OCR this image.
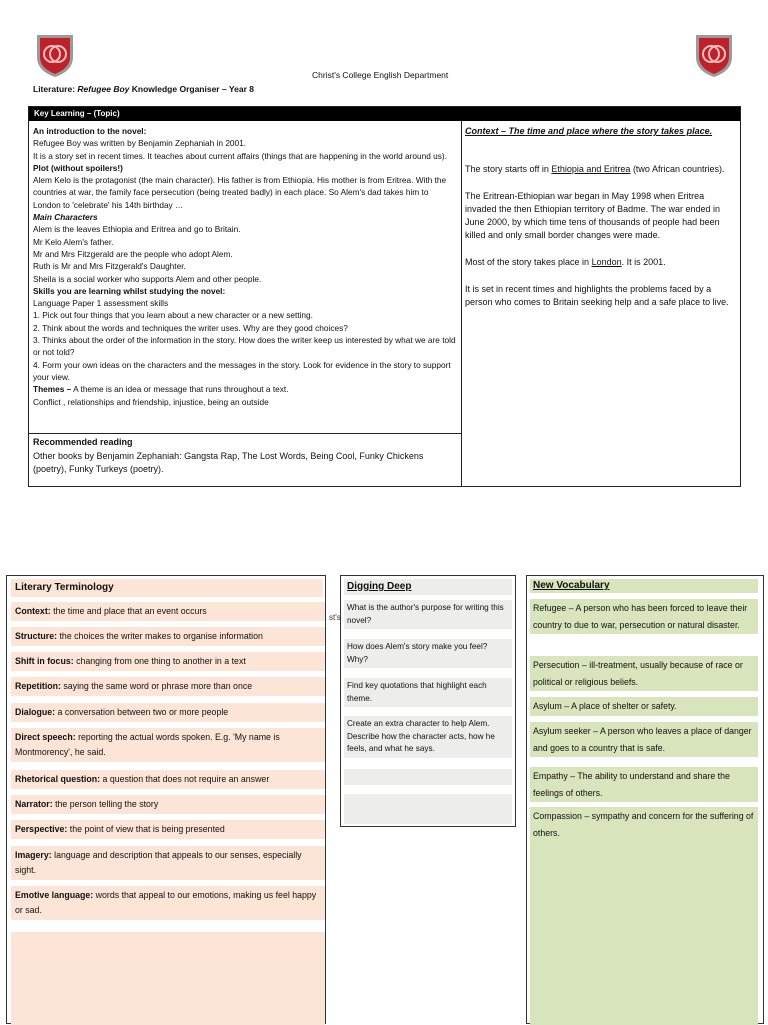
Christ's College English Department
Literature: Refugee Boy Knowledge Organiser – Year 8
Key Learning – (Topic)
An introduction to the novel:
Refugee Boy was written by Benjamin Zephaniah in 2001.
It is a story set in recent times. It teaches about current affairs (things that are happening in the world around us).
Plot (without spoilers!)
Alem Kelo is the protagonist (the main character). His father is from Ethiopia. His mother is from Eritrea. With the countries at war, the family face persecution (being treated badly) in each place. So Alem's dad takes him to London to 'celebrate' his 14th birthday …
Main Characters
Alem is the leaves Ethiopia and Eritrea and go to Britain.
Mr Kelo Alem's father.
Mr and Mrs Fitzgerald are the people who adopt Alem.
Ruth is Mr and Mrs Fitzgerald's Daughter.
Sheila is a social worker who supports Alem and other people.
Skills you are learning whilst studying the novel:
Language Paper 1 assessment skills
1. Pick out four things that you learn about a new character or a new setting.
2. Think about the words and techniques the writer uses. Why are they good choices?
3. Thinks about the order of the information in the story. How does the writer keep us interested by what we are told or not told?
4. Form your own ideas on the characters and the messages in the story. Look for evidence in the story to support your view.
Themes – A theme is an idea or message that runs throughout a text.
Conflict , relationships and friendship, injustice, being an outside
Recommended reading
Other books by Benjamin Zephaniah: Gangsta Rap, The Lost Words, Being Cool, Funky Chickens (poetry), Funky Turkeys (poetry).

Context – The time and place where the story takes place.

The story starts off in Ethiopia and Eritrea (two African countries).

The Eritrean-Ethiopian war began in May 1998 when Eritrea invaded the then Ethiopian territory of Badme. The war ended in June 2000, by which time tens of thousands of people had been killed and only small border changes were made.

Most of the story takes place in London. It is 2001.

It is set in recent times and highlights the problems faced by a person who comes to Britain seeking help and a safe place to live.

Literary Terminology
Context: the time and place that an event occurs
Structure: the choices the writer makes to organise information
Shift in focus: changing from one thing to another in a text
Repetition: saying the same word or phrase more than once
Dialogue: a conversation between two or more people
Direct speech: reporting the actual words spoken. E.g. 'My name is Montmorency', he said.
Rhetorical question: a question that does not require an answer
Narrator: the person telling the story
Perspective: the point of view that is being presented
Imagery: language and description that appeals to our senses, especially sight.
Emotive language: words that appeal to our emotions, making us feel happy or sad.
st's
Digging Deep
What is the author's purpose for writing this novel?
How does Alem's story make you feel? Why?
Find key quotations that highlight each theme.
Create an extra character to help Alem. Describe how the character acts, how he feels, and what he says.
New Vocabulary
Refugee – A person who has been forced to leave their country to due to war, persecution or natural disaster.
Persecution – ill-treatment, usually because of race or political or religious beliefs.
Asylum – A place of shelter or safety.
Asylum seeker – A person who leaves a place of danger and goes to a country that is safe.
Empathy – The ability to understand and share the feelings of others.
Compassion – sympathy and concern for the suffering of others.
